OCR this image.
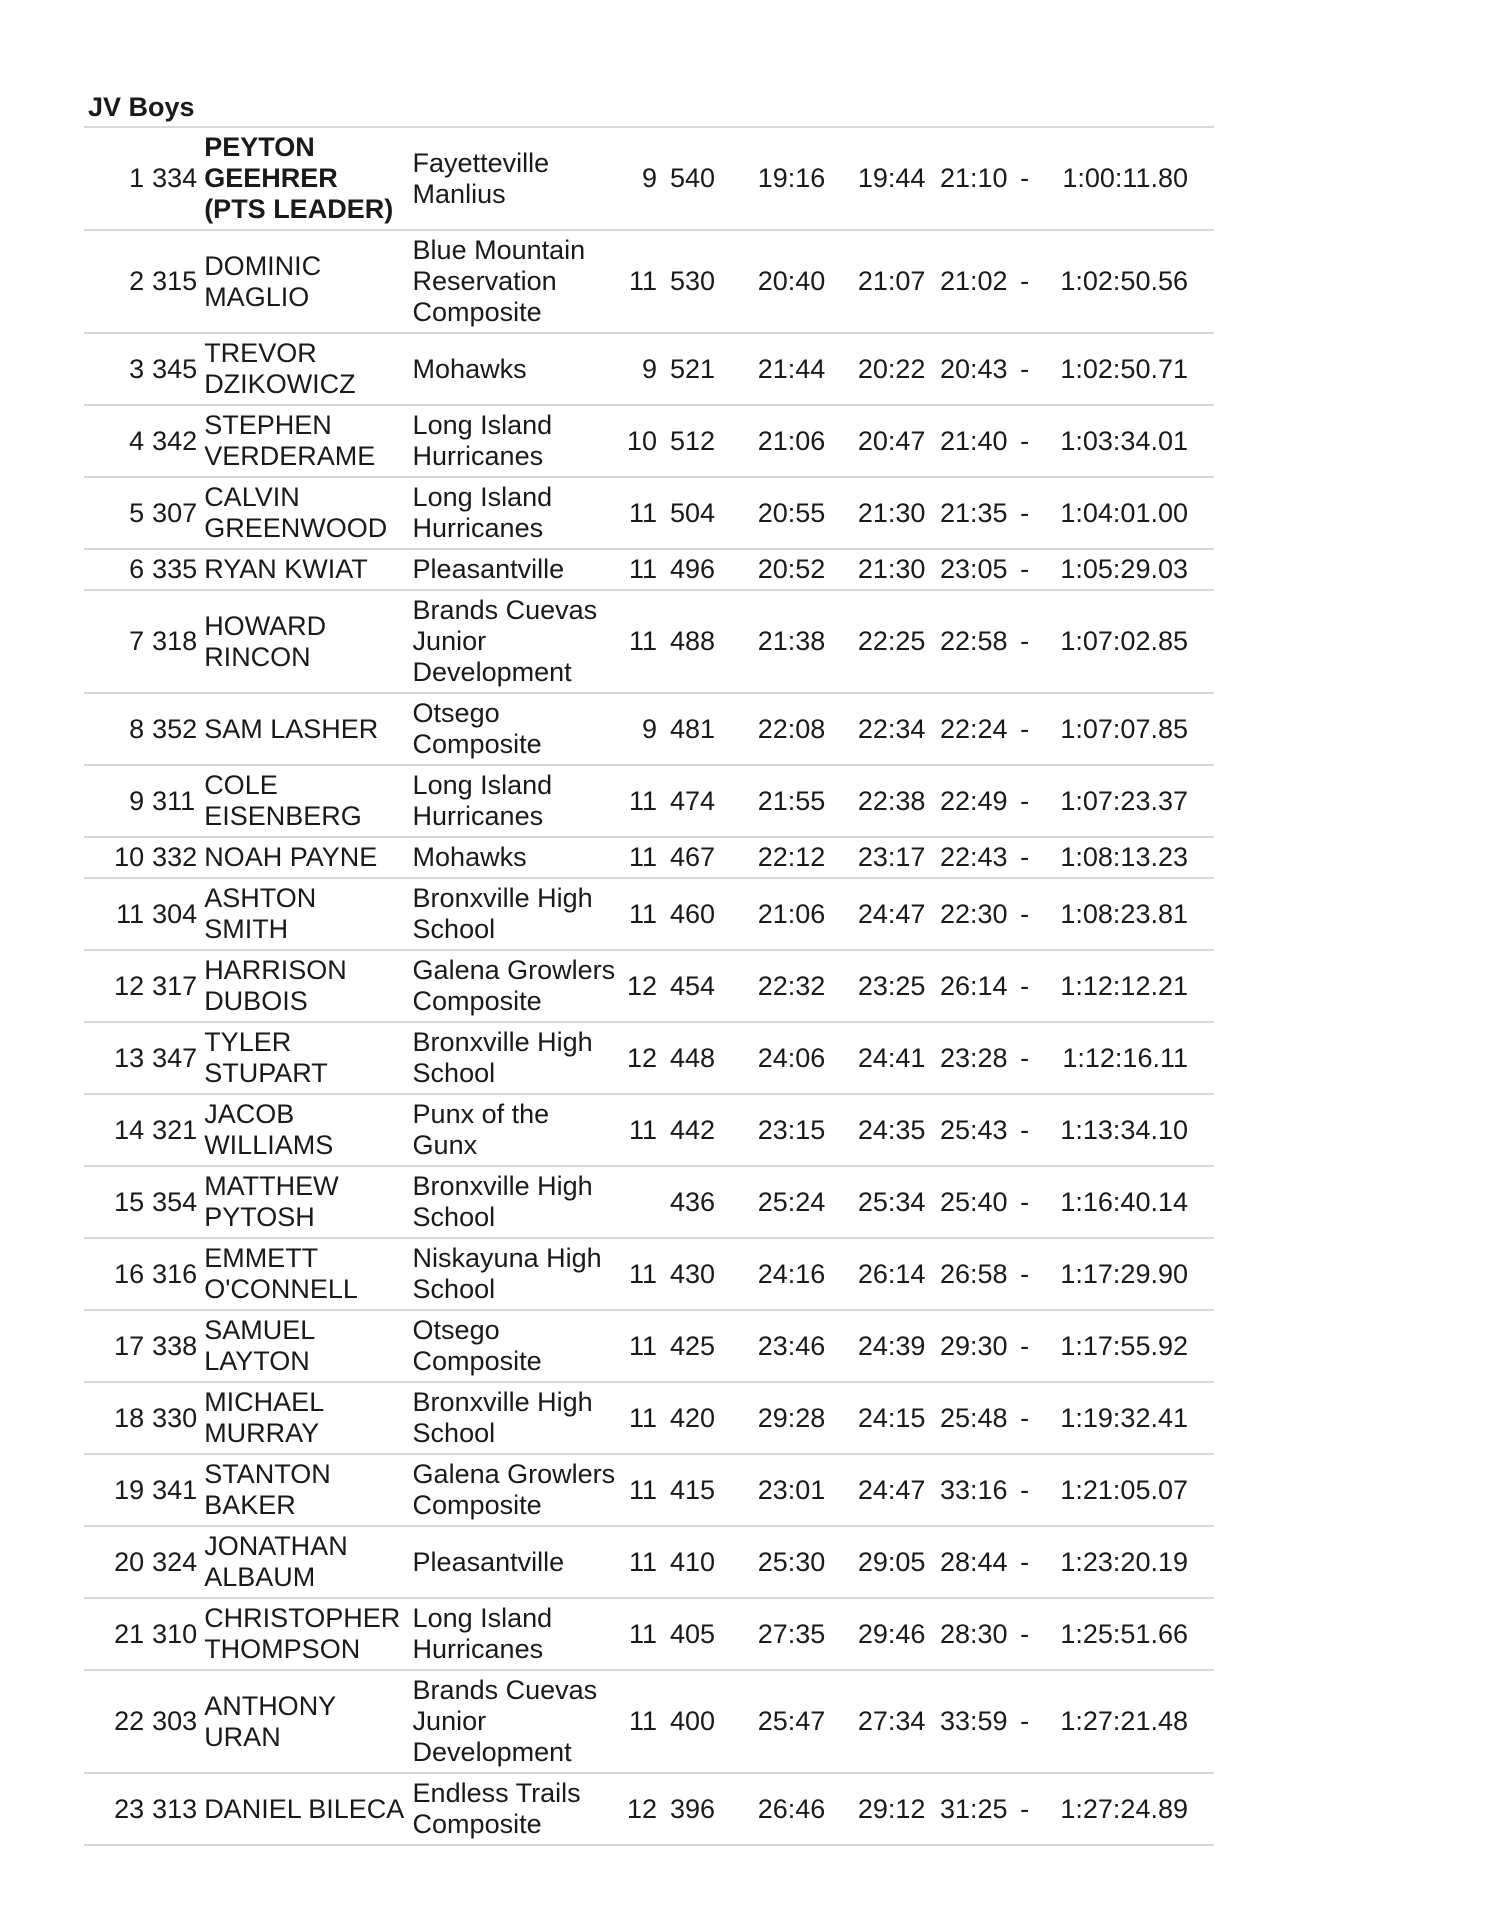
JV Boys
1	334	PEYTON GEEHRER (PTS LEADER)	Fayetteville Manlius	9	540	19:16	19:44	21:10	-	1:00:11.80
2	315	DOMINIC MAGLIO	Blue Mountain Reservation Composite	11	530	20:40	21:07	21:02	-	1:02:50.56
3	345	TREVOR DZIKOWICZ	Mohawks	9	521	21:44	20:22	20:43	-	1:02:50.71
4	342	STEPHEN VERDERAME	Long Island Hurricanes	10	512	21:06	20:47	21:40	-	1:03:34.01
5	307	CALVIN GREENWOOD	Long Island Hurricanes	11	504	20:55	21:30	21:35	-	1:04:01.00
6	335	RYAN KWIAT	Pleasantville	11	496	20:52	21:30	23:05	-	1:05:29.03
7	318	HOWARD RINCON	Brands Cuevas Junior Development	11	488	21:38	22:25	22:58	-	1:07:02.85
8	352	SAM LASHER	Otsego Composite	9	481	22:08	22:34	22:24	-	1:07:07.85
9	311	COLE EISENBERG	Long Island Hurricanes	11	474	21:55	22:38	22:49	-	1:07:23.37
10	332	NOAH PAYNE	Mohawks	11	467	22:12	23:17	22:43	-	1:08:13.23
11	304	ASHTON SMITH	Bronxville High School	11	460	21:06	24:47	22:30	-	1:08:23.81
12	317	HARRISON DUBOIS	Galena Growlers Composite	12	454	22:32	23:25	26:14	-	1:12:12.21
13	347	TYLER STUPART	Bronxville High School	12	448	24:06	24:41	23:28	-	1:12:16.11
14	321	JACOB WILLIAMS	Punx of the Gunx	11	442	23:15	24:35	25:43	-	1:13:34.10
15	354	MATTHEW PYTOSH	Bronxville High School		436	25:24	25:34	25:40	-	1:16:40.14
16	316	EMMETT O'CONNELL	Niskayuna High School	11	430	24:16	26:14	26:58	-	1:17:29.90
17	338	SAMUEL LAYTON	Otsego Composite	11	425	23:46	24:39	29:30	-	1:17:55.92
18	330	MICHAEL MURRAY	Bronxville High School	11	420	29:28	24:15	25:48	-	1:19:32.41
19	341	STANTON BAKER	Galena Growlers Composite	11	415	23:01	24:47	33:16	-	1:21:05.07
20	324	JONATHAN ALBAUM	Pleasantville	11	410	25:30	29:05	28:44	-	1:23:20.19
21	310	CHRISTOPHER THOMPSON	Long Island Hurricanes	11	405	27:35	29:46	28:30	-	1:25:51.66
22	303	ANTHONY URAN	Brands Cuevas Junior Development	11	400	25:47	27:34	33:59	-	1:27:21.48
23	313	DANIEL BILECA	Endless Trails Composite	12	396	26:46	29:12	31:25	-	1:27:24.89
